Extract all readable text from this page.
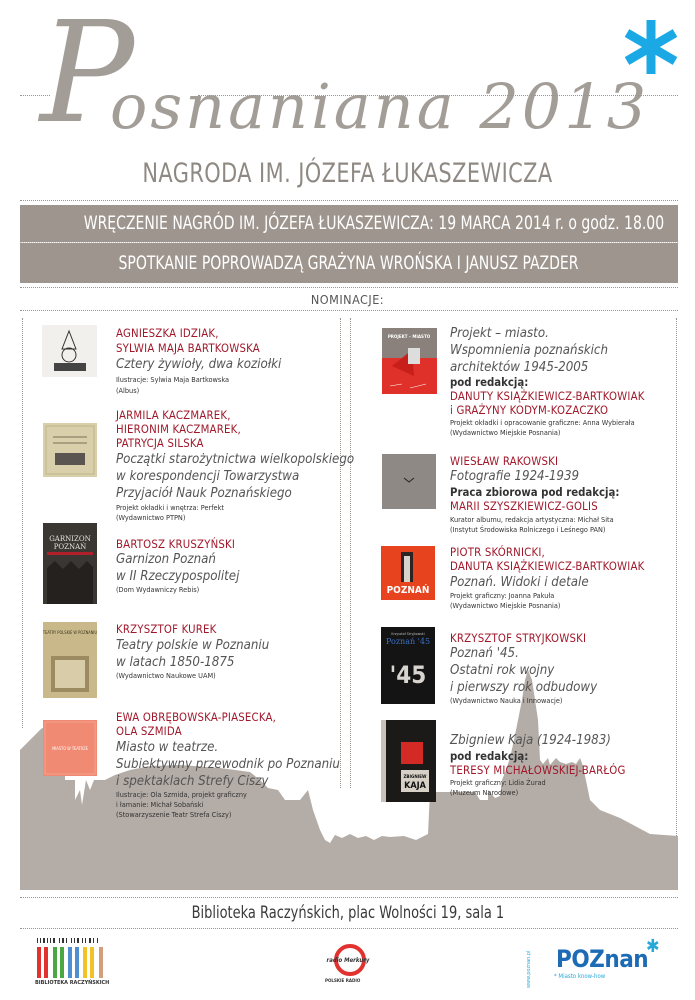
P
osnaniana 2013
NAGRODA IM. JÓZEFA ŁUKASZEWICZA
WRĘCZENIE NAGRÓD IM. JÓZEFA ŁUKASZEWICZA: 19 MARCA 2014 r. o godz. 18.00
SPOTKANIE POPROWADZĄ GRAŻYNA WROŃSKA I JANUSZ PAZDER
NOMINACJE:
AGNIESZKA IDZIAK,
SYLWIA MAJA BARTKOWSKA
Cztery żywioły, dwa koziołki
Ilustracje: Sylwia Maja Bartkowska
(Albus)
JARMILA KACZMAREK,
HIERONIM KACZMAREK,
PATRYCJA SILSKA
Początki starożytnictwa wielkopolskiego
w korespondencji Towarzystwa
Przyjaciół Nauk Poznańskiego
Projekt okładki i wnętrza: Perfekt
(Wydawnictwo PTPN)
GARNIZON
POZNAŃ	BARTOSZ KRUSZYŃSKI
Garnizon Poznań
w II Rzeczypospolitej
(Dom Wydawniczy Rebis)
TEATRY POLSKIE W POZNANIU KRZYSZTOF KUREK
Teatry polskie w Poznaniu
w latach 1850-1875
(Wydawnictwo Naukowe UAM)
MIASTO W TEATRZE
EWA OBRĘBOWSKA-PIASECKA,
OLA SZMIDA
Miasto w teatrze.
Subiektywny przewodnik po Poznaniu
i spektaklach Strefy Ciszy
Ilustracje: Ola Szmida, projekt graficzny
i łamanie: Michał Sobański
(Stowarzyszenie Teatr Strefa Ciszy)
PROJEKT – MIASTO Projekt – miasto.
Wspomnienia poznańskich
architektów 1945-2005
pod redakcją:
DANUTY KSIĄŻKIEWICZ-BARTKOWIAK
i GRAŻYNY KODYM-KOZACZKO
Projekt okładki i opracowanie graficzne: Anna Wybierała
(Wydawnictwo Miejskie Posnania)
WIESŁAW RAKOWSKI
Fotografie 1924-1939
Praca zbiorowa pod redakcją:
MARII SZYSZKIEWICZ-GOLIS
Kurator albumu, redakcja artystyczna: Michał Sita
(Instytut Środowiska Rolniczego i Leśnego PAN)
POZNAŃ
PIOTR SKÓRNICKI,
DANUTA KSIĄŻKIEWICZ-BARTKOWIAK
Poznań. Widoki i detale
Projekt graficzny: Joanna Pakuła
(Wydawnictwo Miejskie Posnania)
Krzysztof Stryjkowski
Poznań '45
'45
KRZYSZTOF STRYJKOWSKI
Poznań '45.
Ostatni rok wojny
i pierwszy rok odbudowy
(Wydawnictwo Nauka i Innowacje)
ZBIGNIEW
KAJA
Zbigniew Kaja (1924-1983)
pod redakcją:
TERESY MICHAŁOWSKIEJ-BARŁÓG
Projekt graficzny: Lidia Żurad
(Muzeum Narodowe)
Biblioteka Raczyńskich, plac Wolności 19, sala 1
BIBLIOTEKA RACZYŃSKICH
radio Merkury
POLSKIE RADIO	www.poznan.pl POZnan
✱
* Miasto know-how
